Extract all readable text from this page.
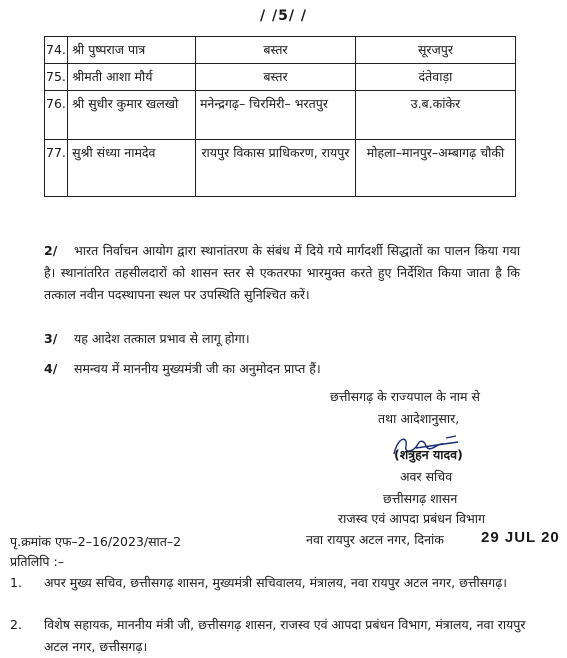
/ /5/ /
74.	श्री पुष्पराज पात्र	बस्तर	सूरजपुर
75.	श्रीमती आशा मौर्य	बस्तर	दंतेवाड़ा
76.	श्री सुधीर कुमार खलखो	मनेन्द्रगढ़– चिरमिरी– भरतपुर	उ.ब.कांकेर
77.	सुश्री संध्या नामदेव	रायपुर विकास प्राधिकरण, रायपुर	मोहला–मानपुर–अम्बागढ़ चौकी
2/ भारत निर्वाचन आयोग द्वारा स्थानांतरण के संबंध में दिये गये मार्गदर्शी सिद्धातों का पालन किया गया है। स्थानांतरित तहसीलदारों को शासन स्तर से एकतरफा भारमुक्त करते हुए निर्देशित किया जाता है कि तत्काल नवीन पदस्थापना स्थल पर उपस्थिति सुनिश्चित करें।
3/ यह आदेश तत्काल प्रभाव से लागू होगा।
4/ समन्वय में माननीय मुख्यमंत्री जी का अनुमोदन प्राप्त हैं।
छत्तीसगढ़ के राज्यपाल के नाम से
तथा आदेशानुसार,
(शत्रुहन यादव)
अवर सचिव
छत्तीसगढ़ शासन
राजस्व एवं आपदा प्रबंधन विभाग
पृ.क्रमांक एफ–2–16/2023/सात–2	नवा रायपुर अटल नगर, दिनांक 29 JUL 20
प्रतिलिपि :–
1. अपर मुख्य सचिव, छत्तीसगढ़ शासन, मुख्यमंत्री सचिवालय, मंत्रालय, नवा रायपुर अटल नगर, छत्तीसगढ़।
2. विशेष सहायक, माननीय मंत्री जी, छत्तीसगढ़ शासन, राजस्व एवं आपदा प्रबंधन विभाग, मंत्रालय, नवा रायपुर अटल नगर, छत्तीसगढ़।
